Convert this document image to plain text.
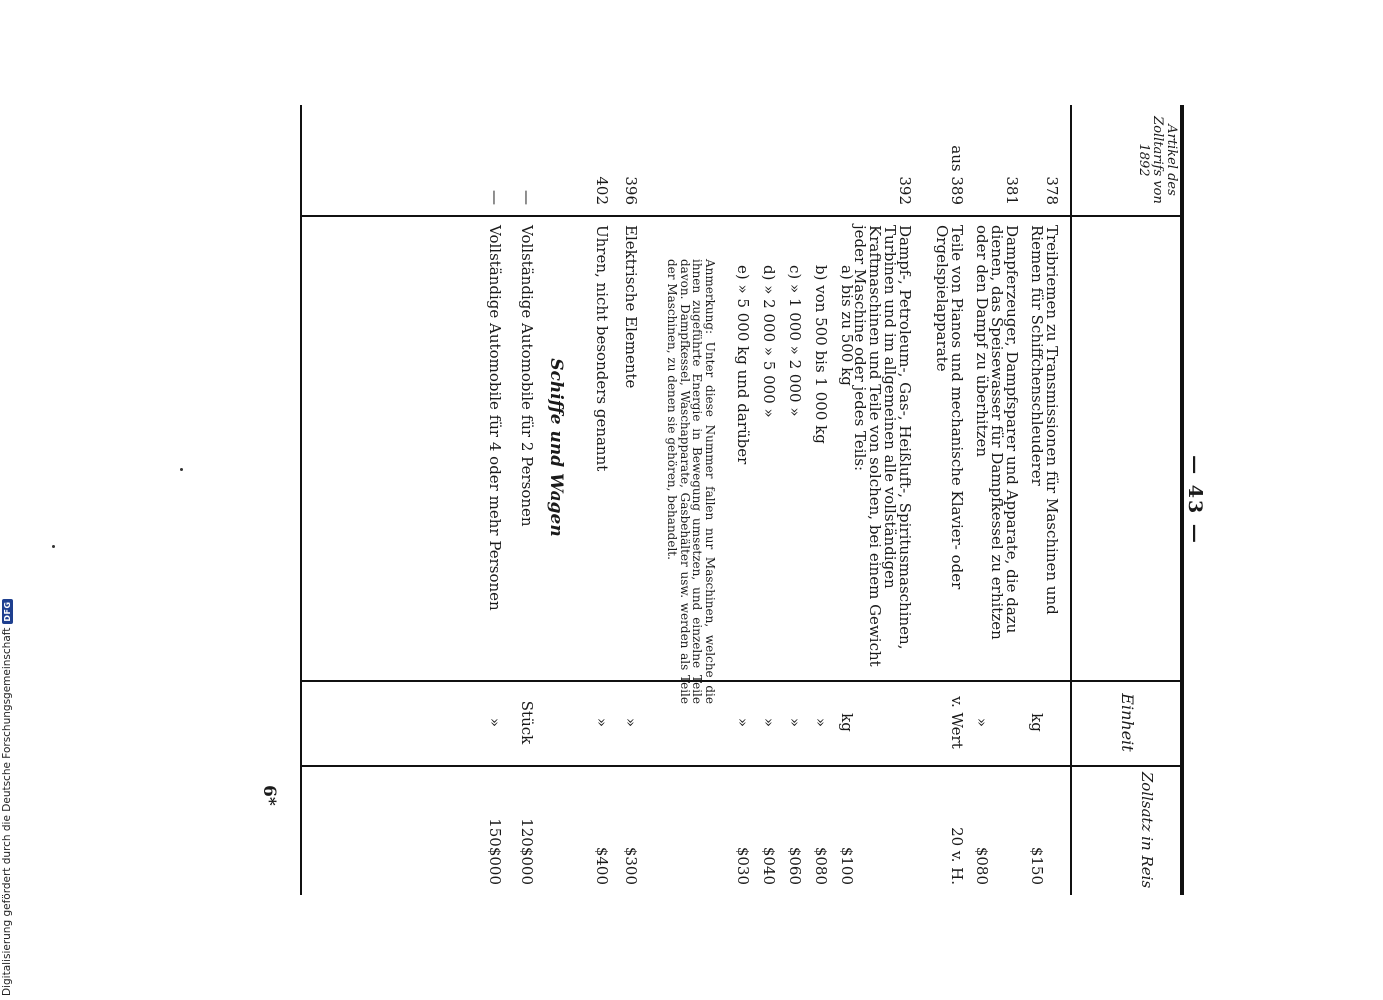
— 43 —
Artikel des Zolltarifs von 1892
Einheit
Zollsatz in Reis
378
Treibriemen zu Transmissionen für Maschinen und Riemen für Schiffchenschleuderer
kg
$150
381
Dampferzeuger, Dampfsparer und Apparate, die dazu dienen, das Speisewasser für Dampfkessel zu erhitzen oder den Dampf zu überhitzen
»
$080
aus 389
Teile von Pianos und mechanische Klavier- oder Orgelspielapparate
v. Wert
20 v. H.
392
Dampf-, Petroleum-, Gas-, Heißluft-, Spiritusmaschinen, Turbinen und im allgemeinen alle vollständigen Kraftmaschinen und Teile von solchen, bei einem Gewicht jeder Maschine oder jedes Teils:
a) bis zu 500 kg
kg
$100
b) von 500 bis 1 000 kg
»
$080
c) » 1 000 » 2 000 »
»
$060
d) » 2 000 » 5 000 »
»
$040
e) » 5 000 kg und darüber
»
$030
Anmerkung: Unter diese Nummer fallen nur Maschinen, welche die ihnen zugeführte Energie in Bewegung umsetzen, und einzelne Teile davon. Dampfkessel, Waschapparate, Gasbehälter usw. werden als Teile der Maschinen, zu denen sie gehören, behandelt.
396
Elektrische Elemente
»
$300
402
Uhren, nicht besonders genannt
»
$400
Schiffe und Wagen
—
Vollständige Automobile für 2 Personen
Stück
120$000
—
Vollständige Automobile für 4 oder mehr Personen
»
150$000
6*
Digitalisierung gefördert durch die Deutsche Forschungsgemeinschaft
DFG
